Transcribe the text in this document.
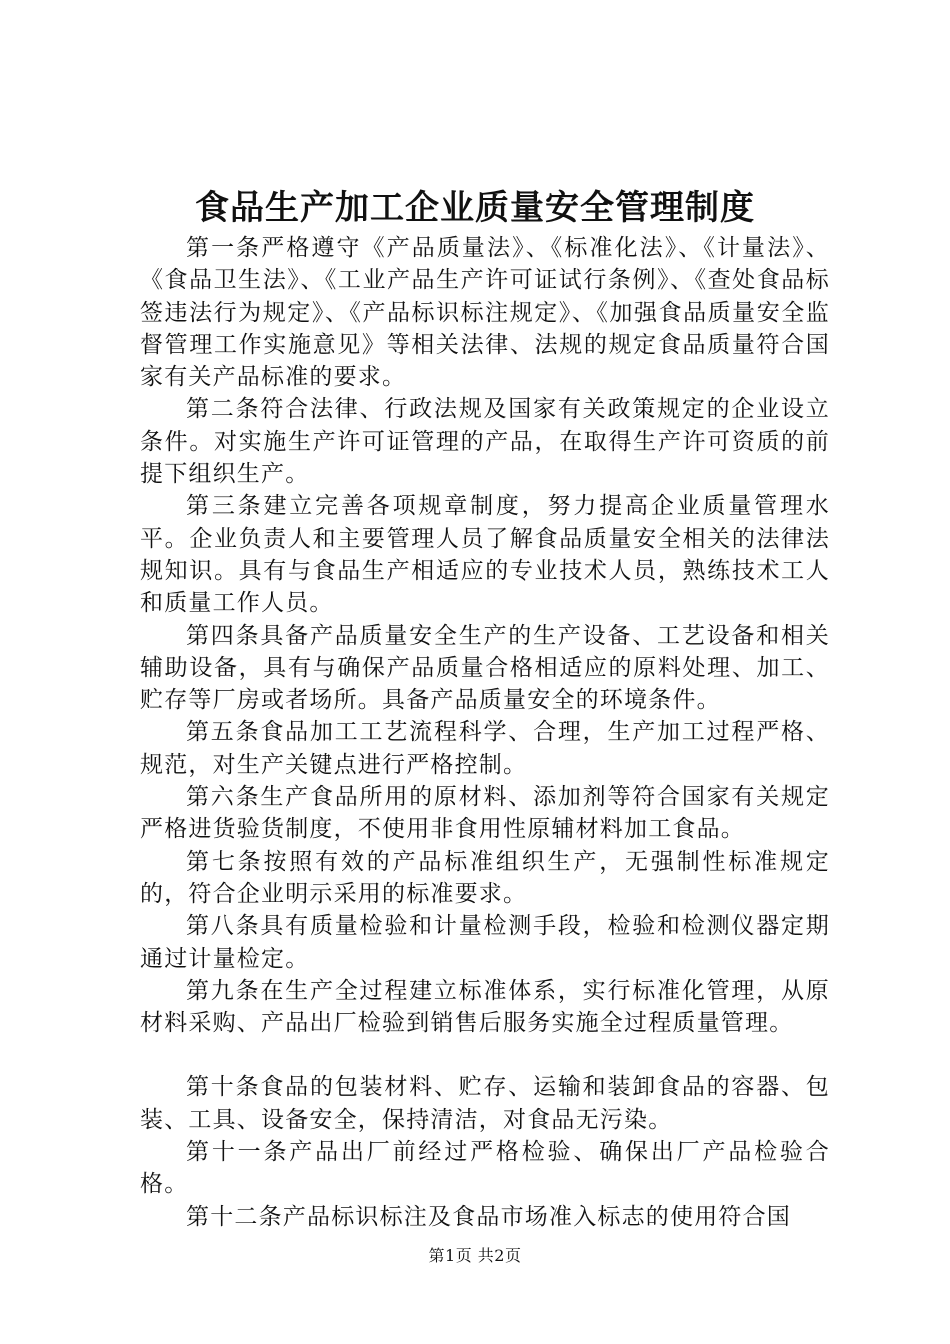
食品生产加工企业质量安全管理制度

第一条严格遵守《产品质量法》、《标准化法》、《计量法》、《食品卫生法》、《工业产品生产许可证试行条例》、《查处食品标签违法行为规定》、《产品标识标注规定》、《加强食品质量安全监督管理工作实施意见》等相关法律、法规的规定食品质量符合国家有关产品标准的要求。

第二条符合法律、行政法规及国家有关政策规定的企业设立条件。对实施生产许可证管理的产品，在取得生产许可资质的前提下组织生产。

第三条建立完善各项规章制度，努力提高企业质量管理水平。企业负责人和主要管理人员了解食品质量安全相关的法律法规知识。具有与食品生产相适应的专业技术人员，熟练技术工人和质量工作人员。

第四条具备产品质量安全生产的生产设备、工艺设备和相关辅助设备，具有与确保产品质量合格相适应的原料处理、加工、贮存等厂房或者场所。具备产品质量安全的环境条件。

第五条食品加工工艺流程科学、合理，生产加工过程严格、规范，对生产关键点进行严格控制。

第六条生产食品所用的原材料、添加剂等符合国家有关规定严格进货验货制度，不使用非食用性原辅材料加工食品。

第七条按照有效的产品标准组织生产，无强制性标准规定的，符合企业明示采用的标准要求。

第八条具有质量检验和计量检测手段，检验和检测仪器定期通过计量检定。

第九条在生产全过程建立标准体系，实行标准化管理，从原材料采购、产品出厂检验到销售后服务实施全过程质量管理。

第十条食品的包装材料、贮存、运输和装卸食品的容器、包装、工具、设备安全，保持清洁，对食品无污染。

第十一条产品出厂前经过严格检验、确保出厂产品检验合格。

第十二条产品标识标注及食品市场准入标志的使用符合国

第1页 共2页
